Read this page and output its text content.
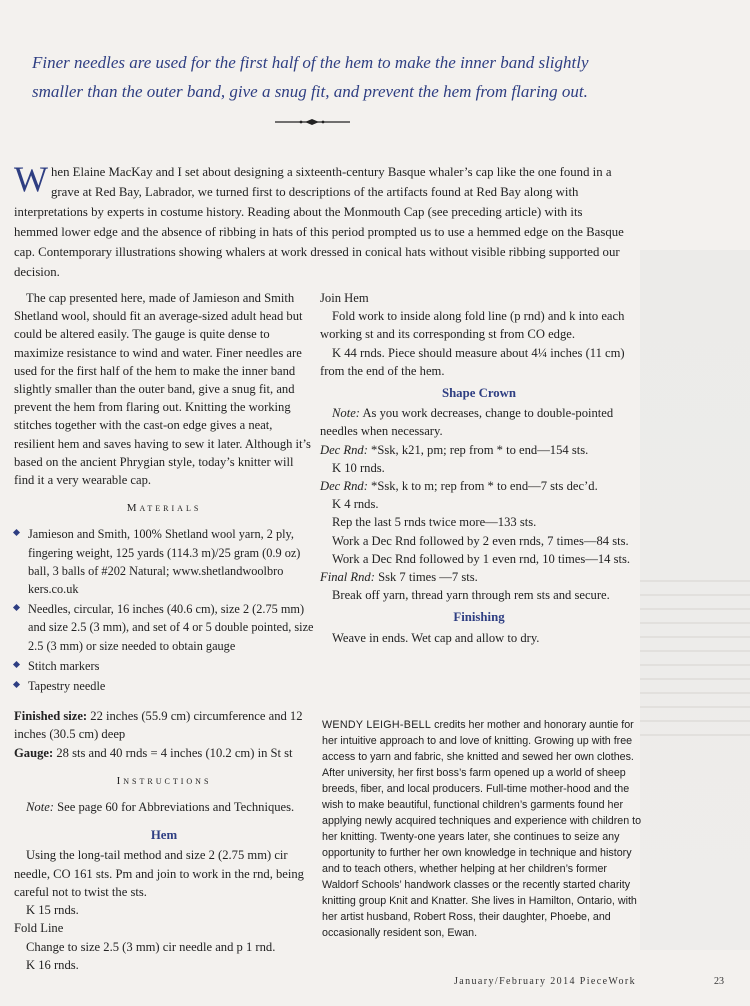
Finer needles are used for the first half of the hem to make the inner band slightly

smaller than the outer band, give a snug fit, and prevent the hem from flaring out.

W hen Elaine MacKay and I set about designing a sixteenth-century Basque whaler’s cap like the one found in a grave at Red Bay, Labrador, we turned first to descriptions of the artifacts found at Red Bay along with interpretations by experts in costume history. Reading about the Monmouth Cap (see preceding article) with its hemmed lower edge and the absence of ribbing in hats of this period prompted us to use a hemmed edge on the Basque cap. Contemporary illustrations showing whalers at work dressed in conical hats without visible ribbing supported our decision.

The cap presented here, made of Jamieson and Smith Shetland wool, should fit an average-sized adult head but could be altered easily. The gauge is quite dense to maximize resistance to wind and water. Finer needles are used for the first half of the hem to make the inner band slightly smaller than the outer band, give a snug fit, and prevent the hem from flaring out. Knitting the working stitches together with the cast-on edge gives a neat, resilient hem and saves having to sew it later. Although it’s based on the ancient Phrygian style, today’s knitter will find it a very wearable cap.

Materials
Jamieson and Smith, 100% Shetland wool yarn, 2 ply, fingering weight, 125 yards (114.3 m)/25 gram (0.9 oz) ball, 3 balls of #202 Natural; www.shetlandwoolbro kers.co.uk
Needles, circular, 16 inches (40.6 cm), size 2 (2.75 mm) and size 2.5 (3 mm), and set of 4 or 5 double pointed, size 2.5 (3 mm) or size needed to obtain gauge
Stitch markers
Tapestry needle

Finished size: 22 inches (55.9 cm) circumference and 12 inches (30.5 cm) deep

Gauge: 28 sts and 40 rnds = 4 inches (10.2 cm) in St st

Instructions

Note: See page 60 for Abbreviations and Techniques.

Hem

Using the long-tail method and size 2 (2.75 mm) cir needle, CO 161 sts. Pm and join to work in the rnd, being careful not to twist the sts.

K 15 rnds.

Fold Line

Change to size 2.5 (3 mm) cir needle and p 1 rnd.

K 16 rnds.

Join Hem

Fold work to inside along fold line (p rnd) and k into each working st and its corresponding st from CO edge.

K 44 rnds. Piece should measure about 4¼ inches (11 cm) from the end of the hem.

Shape Crown

Note: As you work decreases, change to double-pointed needles when necessary.

Dec Rnd: *Ssk, k21, pm; rep from * to end—154 sts.

K 10 rnds.

Dec Rnd: *Ssk, k to m; rep from * to end—7 sts dec’d.

K 4 rnds.

Rep the last 5 rnds twice more—133 sts.

Work a Dec Rnd followed by 2 even rnds, 7 times—84 sts.

Work a Dec Rnd followed by 1 even rnd, 10 times—14 sts.

Final Rnd: Ssk 7 times —7 sts.

Break off yarn, thread yarn through rem sts and secure.

Finishing

Weave in ends. Wet cap and allow to dry.

WENDY LEIGH-BELL credits her mother and honorary auntie for her intuitive approach to and love of knitting. Growing up with free access to yarn and fabric, she knitted and sewed her own clothes. After university, her first boss’s farm opened up a world of sheep breeds, fiber, and local producers. Full-time mother-hood and the wish to make beautiful, functional children’s garments found her applying newly acquired techniques and experience with children to her knitting. Twenty-one years later, she continues to seize any opportunity to further her own knowledge in technique and history and to teach others, whether helping at her children’s former Waldorf Schools’ handwork classes or the recently started charity knitting group Knit and Knatter. She lives in Hamilton, Ontario, with her artist husband, Robert Ross, their daughter, Phoebe, and occasionally resident son, Ewan.

January/February 2014 PieceWork	23
